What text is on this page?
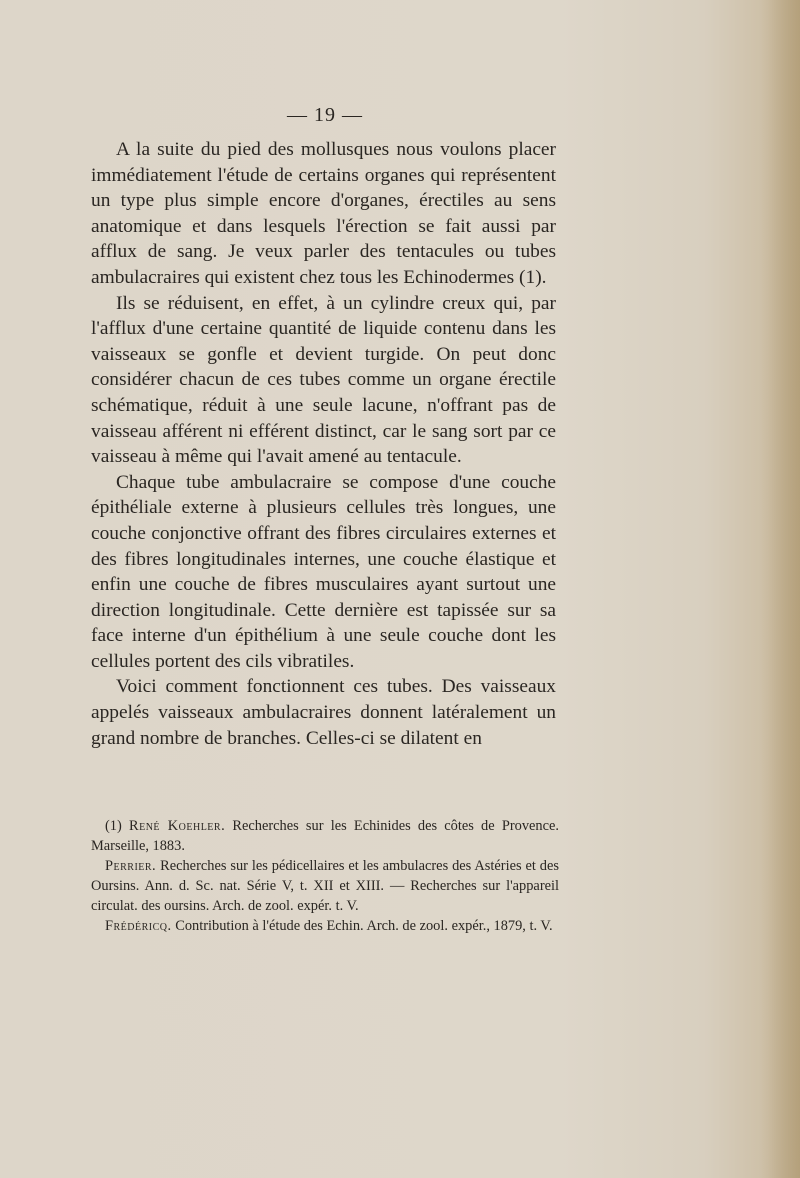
— 19 —

A la suite du pied des mollusques nous voulons placer immédiatement l'étude de certains organes qui représentent un type plus simple encore d'organes, érectiles au sens anatomique et dans lesquels l'érection se fait aussi par afflux de sang. Je veux parler des tentacules ou tubes ambulacraires qui existent chez tous les Echinodermes (1).

Ils se réduisent, en effet, à un cylindre creux qui, par l'afflux d'une certaine quantité de liquide contenu dans les vaisseaux se gonfle et devient turgide. On peut donc considérer chacun de ces tubes comme un organe érectile schématique, réduit à une seule lacune, n'offrant pas de vaisseau afférent ni efférent distinct, car le sang sort par ce vaisseau à même qui l'avait amené au tentacule.

Chaque tube ambulacraire se compose d'une couche épithéliale externe à plusieurs cellules très longues, une couche conjonctive offrant des fibres circulaires externes et des fibres longitudinales internes, une couche élastique et enfin une couche de fibres musculaires ayant surtout une direction longitudinale. Cette dernière est tapissée sur sa face interne d'un épithélium à une seule couche dont les cellules portent des cils vibratiles.

Voici comment fonctionnent ces tubes. Des vaisseaux appelés vaisseaux ambulacraires donnent latéralement un grand nombre de branches. Celles-ci se dilatent en

(1) René Koehler. Recherches sur les Echinides des côtes de Provence. Marseille, 1883.

Perrier. Recherches sur les pédicellaires et les ambulacres des Astéries et des Oursins. Ann. d. Sc. nat. Série V, t. XII et XIII. — Recherches sur l'appareil circulat. des oursins. Arch. de zool. expér. t. V.

Frédéricq. Contribution à l'étude des Echin. Arch. de zool. expér., 1879, t. V.
